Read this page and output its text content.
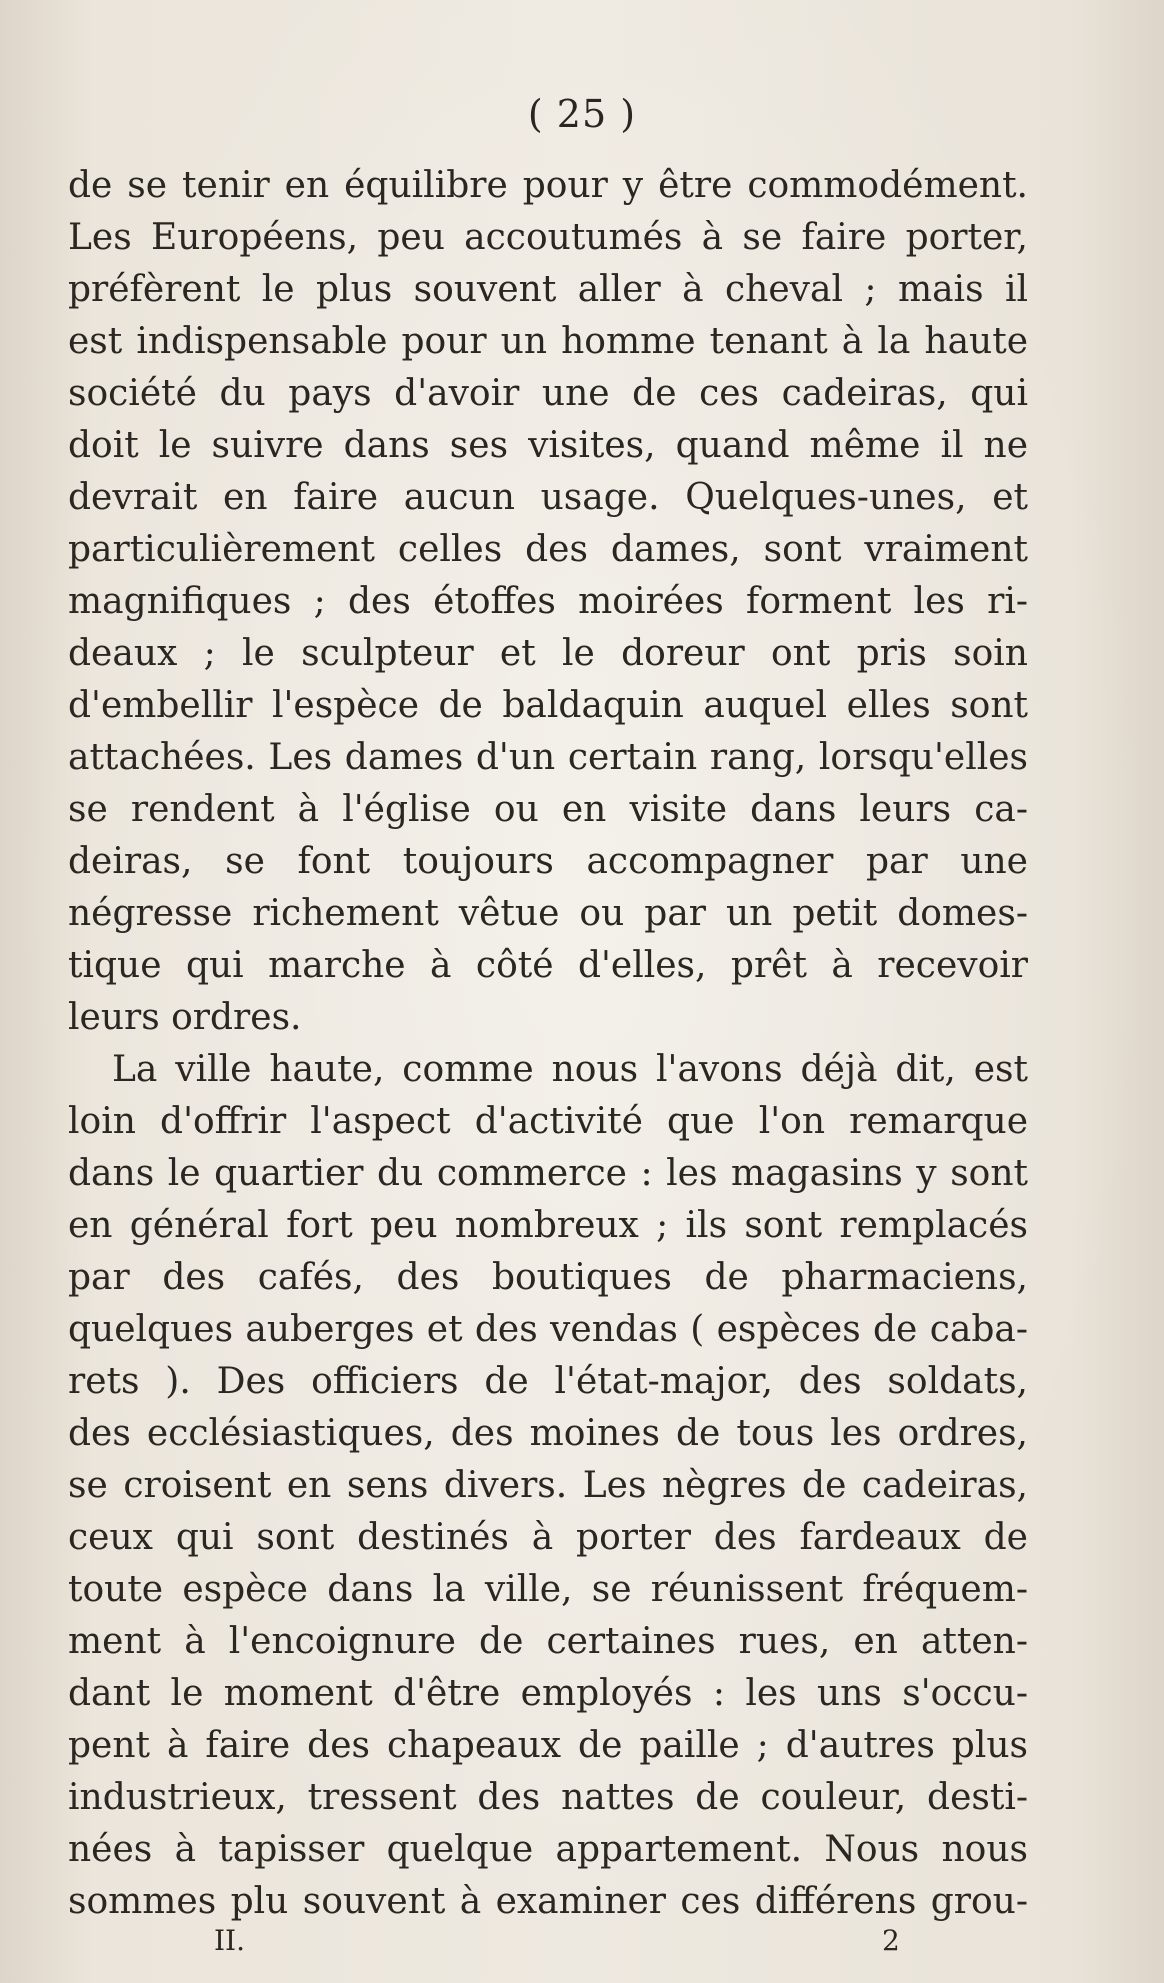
( 25 )
de se tenir en équilibre pour y être commodément.
Les Européens, peu accoutumés à se faire porter,
préfèrent le plus souvent aller à cheval ; mais il
est indispensable pour un homme tenant à la haute
société du pays d'avoir une de ces cadeiras, qui
doit le suivre dans ses visites, quand même il ne
devrait en faire aucun usage. Quelques-unes, et
particulièrement celles des dames, sont vraiment
magnifiques ; des étoffes moirées forment les ri-
deaux ; le sculpteur et le doreur ont pris soin
d'embellir l'espèce de baldaquin auquel elles sont
attachées. Les dames d'un certain rang, lorsqu'elles
se rendent à l'église ou en visite dans leurs ca-
deiras, se font toujours accompagner par une
négresse richement vêtue ou par un petit domes-
tique qui marche à côté d'elles, prêt à recevoir
leurs ordres.
La ville haute, comme nous l'avons déjà dit, est
loin d'offrir l'aspect d'activité que l'on remarque
dans le quartier du commerce : les magasins y sont
en général fort peu nombreux ; ils sont remplacés
par des cafés, des boutiques de pharmaciens,
quelques auberges et des vendas ( espèces de caba-
rets ). Des officiers de l'état-major, des soldats,
des ecclésiastiques, des moines de tous les ordres,
se croisent en sens divers. Les nègres de cadeiras,
ceux qui sont destinés à porter des fardeaux de
toute espèce dans la ville, se réunissent fréquem-
ment à l'encoignure de certaines rues, en atten-
dant le moment d'être employés : les uns s'occu-
pent à faire des chapeaux de paille ; d'autres plus
industrieux, tressent des nattes de couleur, desti-
nées à tapisser quelque appartement. Nous nous
sommes plu souvent à examiner ces différens grou-
II.	2
